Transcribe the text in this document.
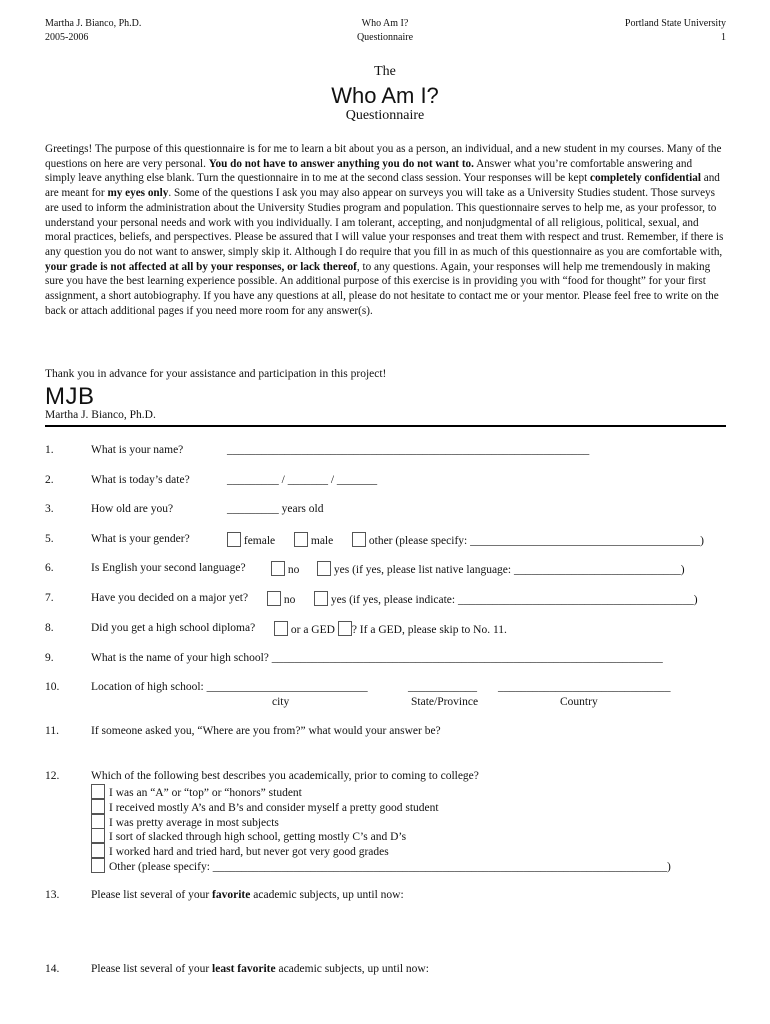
Martha J. Bianco, Ph.D.
2005-2006
Who Am I?
Questionnaire
Portland State University
1
The
Who Am I?
Questionnaire

Greetings! The purpose of this questionnaire is for me to learn a bit about you as a person, an individual, and a new student in my courses. Many of the questions on here are very personal. You do not have to answer anything you do not want to. Answer what you’re comfortable answering and simply leave anything else blank. Turn the questionnaire in to me at the second class session. Your responses will be kept completely confidential and are meant for my eyes only. Some of the questions I ask you may also appear on surveys you will take as a University Studies student. Those surveys are used to inform the administration about the University Studies program and population. This questionnaire serves to help me, as your professor, to understand your personal needs and work with you individually. I am tolerant, accepting, and nonjudgmental of all religious, political, sexual, and moral practices, beliefs, and perspectives. Please be assured that I will value your responses and treat them with respect and trust. Remember, if there is any question you do not want to answer, simply skip it. Although I do require that you fill in as much of this questionnaire as you are comfortable with, your grade is not affected at all by your responses, or lack thereof, to any questions. Again, your responses will help me tremendously in making sure you have the best learning experience possible. An additional purpose of this exercise is in providing you with “food for thought” for your first assignment, a short autobiography. If you have any questions at all, please do not hesitate to contact me or your mentor. Please feel free to write on the back or attach additional pages if you need more room for any answer(s).

Thank you in advance for your assistance and participation in this project!
MJB
Martha J. Bianco, Ph.D.
1.	What is your name?	_______________________________________________________________
2.	What is today’s date?	_________ / _______ / _______
3.	How old are you?	_________ years old
5.	What is your gender?	female	male	other (please specify: ________________________________________)
6.	Is English your second language?	no	yes (if yes, please list native language: _____________________________)
7.	Have you decided on a major yet?	no	yes (if yes, please indicate: _________________________________________)
8.	Did you get a high school diploma?	or a GED ? If a GED, please skip to No. 11.
9.	What is the name of your high school? ____________________________________________________________________
10.	Location of high school: ____________________________	____________ ______________________________
city	State/Province	Country
11.	If someone asked you, “Where are you from?” what would your answer be?
12.	Which of the following best describes you academically, prior to coming to college?
I was an “A” or “top” or “honors” student
I received mostly A’s and B’s and consider myself a pretty good student
I was pretty average in most subjects
I sort of slacked through high school, getting mostly C’s and D’s
I worked hard and tried hard, but never got very good grades
Other (please specify: _______________________________________________________________________________)
13.	Please list several of your favorite academic subjects, up until now:
14.	Please list several of your least favorite academic subjects, up until now:
